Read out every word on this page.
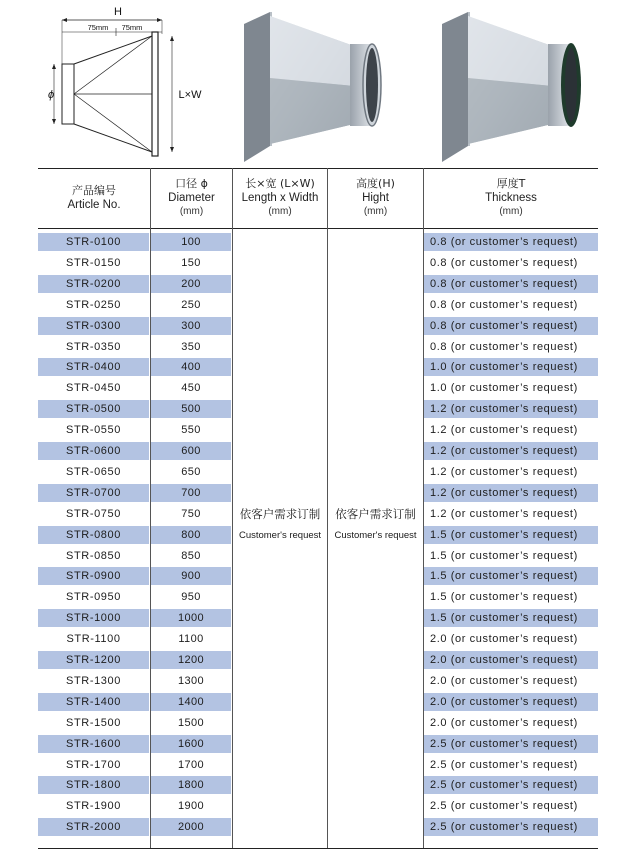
H
75mm 75mm
ϕ	L×W
产品编号
Article No.
口径 ϕ
Diameter
(mm)
长×宽 (L×W)
Length x Width
(mm)
高度(H)
Hight
(mm)
厚度T
Thickness
(mm)
依客户需求订制
Customer's request
依客户需求订制
Customer's request
STR-0100	100	0.8 (or customer’s request)
STR-0150	150	0.8 (or customer’s request)
STR-0200	200	0.8 (or customer’s request)
STR-0250	250	0.8 (or customer’s request)
STR-0300	300	0.8 (or customer’s request)
STR-0350	350	0.8 (or customer’s request)
STR-0400	400	1.0 (or customer’s request)
STR-0450	450	1.0 (or customer’s request)
STR-0500	500	1.2 (or customer’s request)
STR-0550	550	1.2 (or customer’s request)
STR-0600	600	1.2 (or customer’s request)
STR-0650	650	1.2 (or customer’s request)
STR-0700	700	1.2 (or customer’s request)
STR-0750	750	1.2 (or customer’s request)
STR-0800	800	1.5 (or customer’s request)
STR-0850	850	1.5 (or customer’s request)
STR-0900	900	1.5 (or customer’s request)
STR-0950	950	1.5 (or customer’s request)
STR-1000	1000	1.5 (or customer’s request)
STR-1100	1100	2.0 (or customer’s request)
STR-1200	1200	2.0 (or customer’s request)
STR-1300	1300	2.0 (or customer’s request)
STR-1400	1400	2.0 (or customer’s request)
STR-1500	1500	2.0 (or customer’s request)
STR-1600	1600	2.5 (or customer’s request)
STR-1700	1700	2.5 (or customer’s request)
STR-1800	1800	2.5 (or customer’s request)
STR-1900	1900	2.5 (or customer’s request)
STR-2000	2000	2.5 (or customer’s request)
